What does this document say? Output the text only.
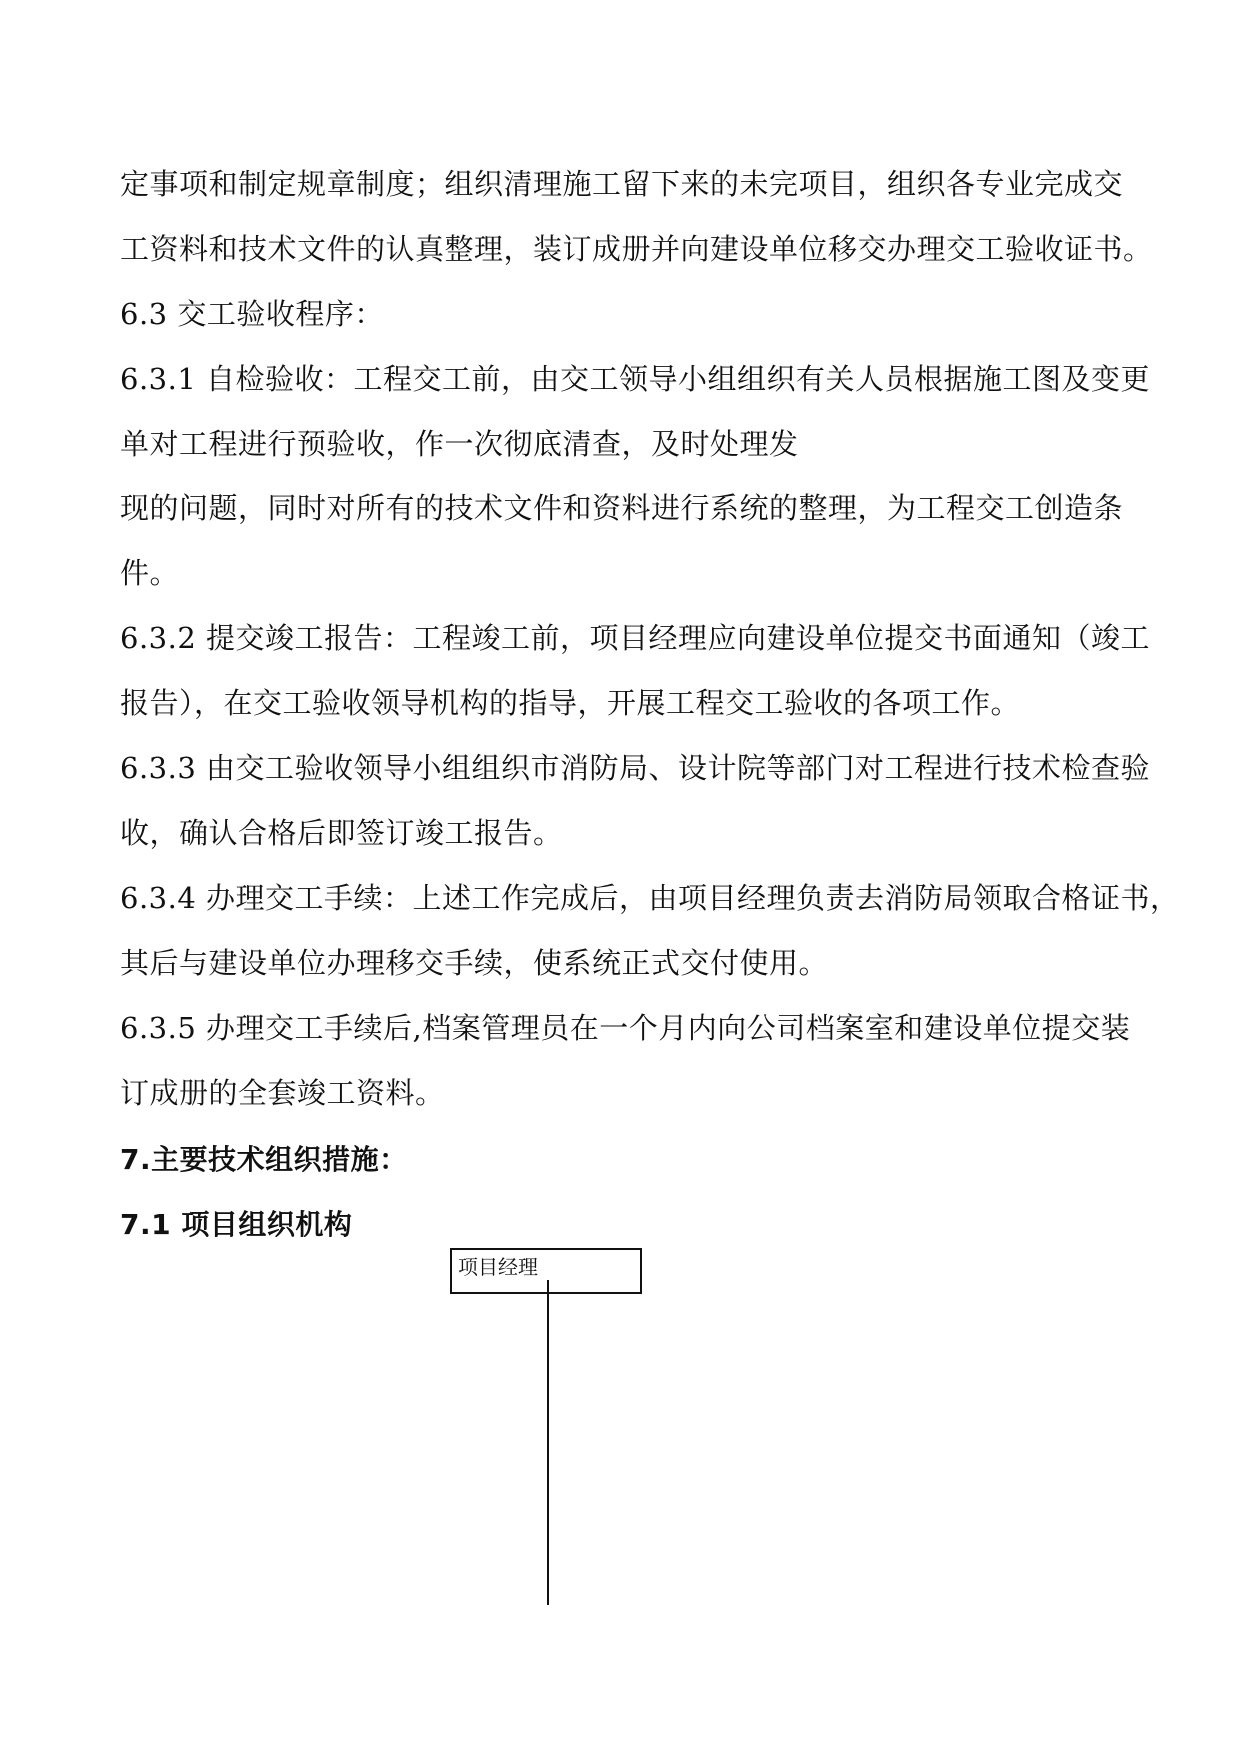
定事项和制定规章制度；组织清理施工留下来的未完项目，组织各专业完成交
工资料和技术文件的认真整理，装订成册并向建设单位移交办理交工验收证书。
6.3 交工验收程序：
6.3.1 自检验收：工程交工前，由交工领导小组组织有关人员根据施工图及变更
单对工程进行预验收，作一次彻底清查，及时处理发
现的问题，同时对所有的技术文件和资料进行系统的整理，为工程交工创造条
件。
6.3.2 提交竣工报告：工程竣工前，项目经理应向建设单位提交书面通知（竣工
报告），在交工验收领导机构的指导，开展工程交工验收的各项工作。
6.3.3 由交工验收领导小组组织市消防局、设计院等部门对工程进行技术检查验
收，确认合格后即签订竣工报告。
6.3.4 办理交工手续：上述工作完成后，由项目经理负责去消防局领取合格证书，
其后与建设单位办理移交手续，使系统正式交付使用。
6.3.5 办理交工手续后,档案管理员在一个月内向公司档案室和建设单位提交装
订成册的全套竣工资料。
7.主要技术组织措施：
7.1 项目组织机构
项目经理
